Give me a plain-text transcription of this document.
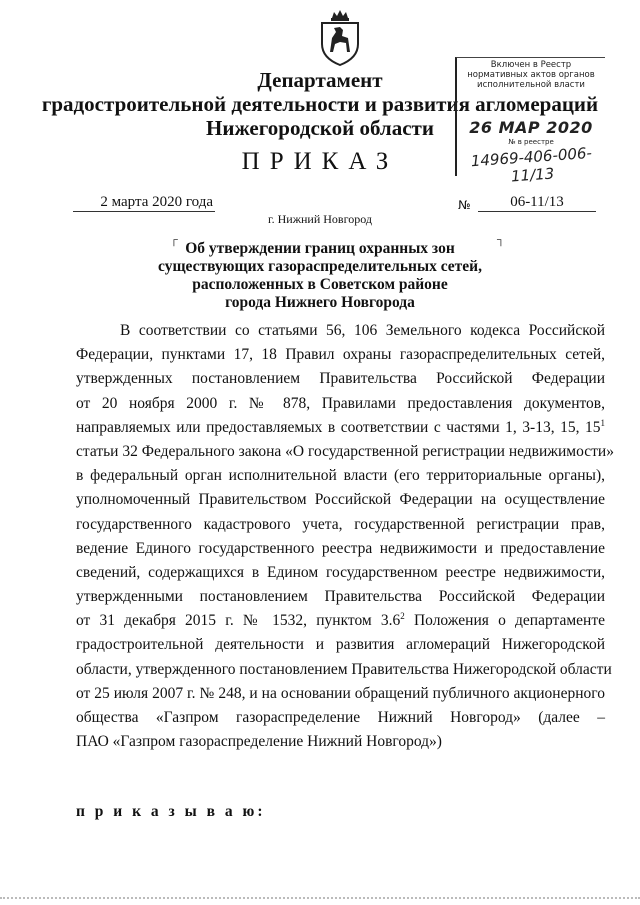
Департамент
градостроительной деятельности и развития агломераций
Нижегородской области
Включен в Реестр
нормативных актов органов
исполнительной власти
26 МАР 2020
№ в реестре
14969-406-006-11/13
ПРИКАЗ
2 марта 2020 года	№	06-11/13
г. Нижний Новгород
┌	┐
Об утверждении границ охранных зон
существующих газораспределительных сетей,
расположенных в Советском районе
города Нижнего Новгорода
В соответствии со статьями 56, 106 Земельного кодекса Российской
Федерации, пунктами 17, 18 Правил охраны газораспределительных сетей,
утвержденных постановлением Правительства Российской Федерации
от 20 ноября 2000 г. № 878, Правилами предоставления документов,
направляемых или предоставляемых в соответствии с частями 1, 3-13, 15, $15^1$
статьи 32 Федерального закона «О государственной регистрации недвижимости»
в федеральный орган исполнительной власти (его территориальные органы),
уполномоченный Правительством Российской Федерации на осуществление
государственного кадастрового учета, государственной регистрации прав,
ведение Единого государственного реестра недвижимости и предоставление
сведений, содержащихся в Едином государственном реестре недвижимости,
утвержденными постановлением Правительства Российской Федерации
от 31 декабря 2015 г. № 1532, пунктом $3.6^2$ Положения о департаменте
градостроительной деятельности и развития агломераций Нижегородской
области, утвержденного постановлением Правительства Нижегородской области
от 25 июля 2007 г. № 248, и на основании обращений публичного акционерного
общества «Газпром газораспределение Нижний Новгород» (далее –
ПАО «Газпром газораспределение Нижний Новгород»)
п р и к а з ы в а ю:
